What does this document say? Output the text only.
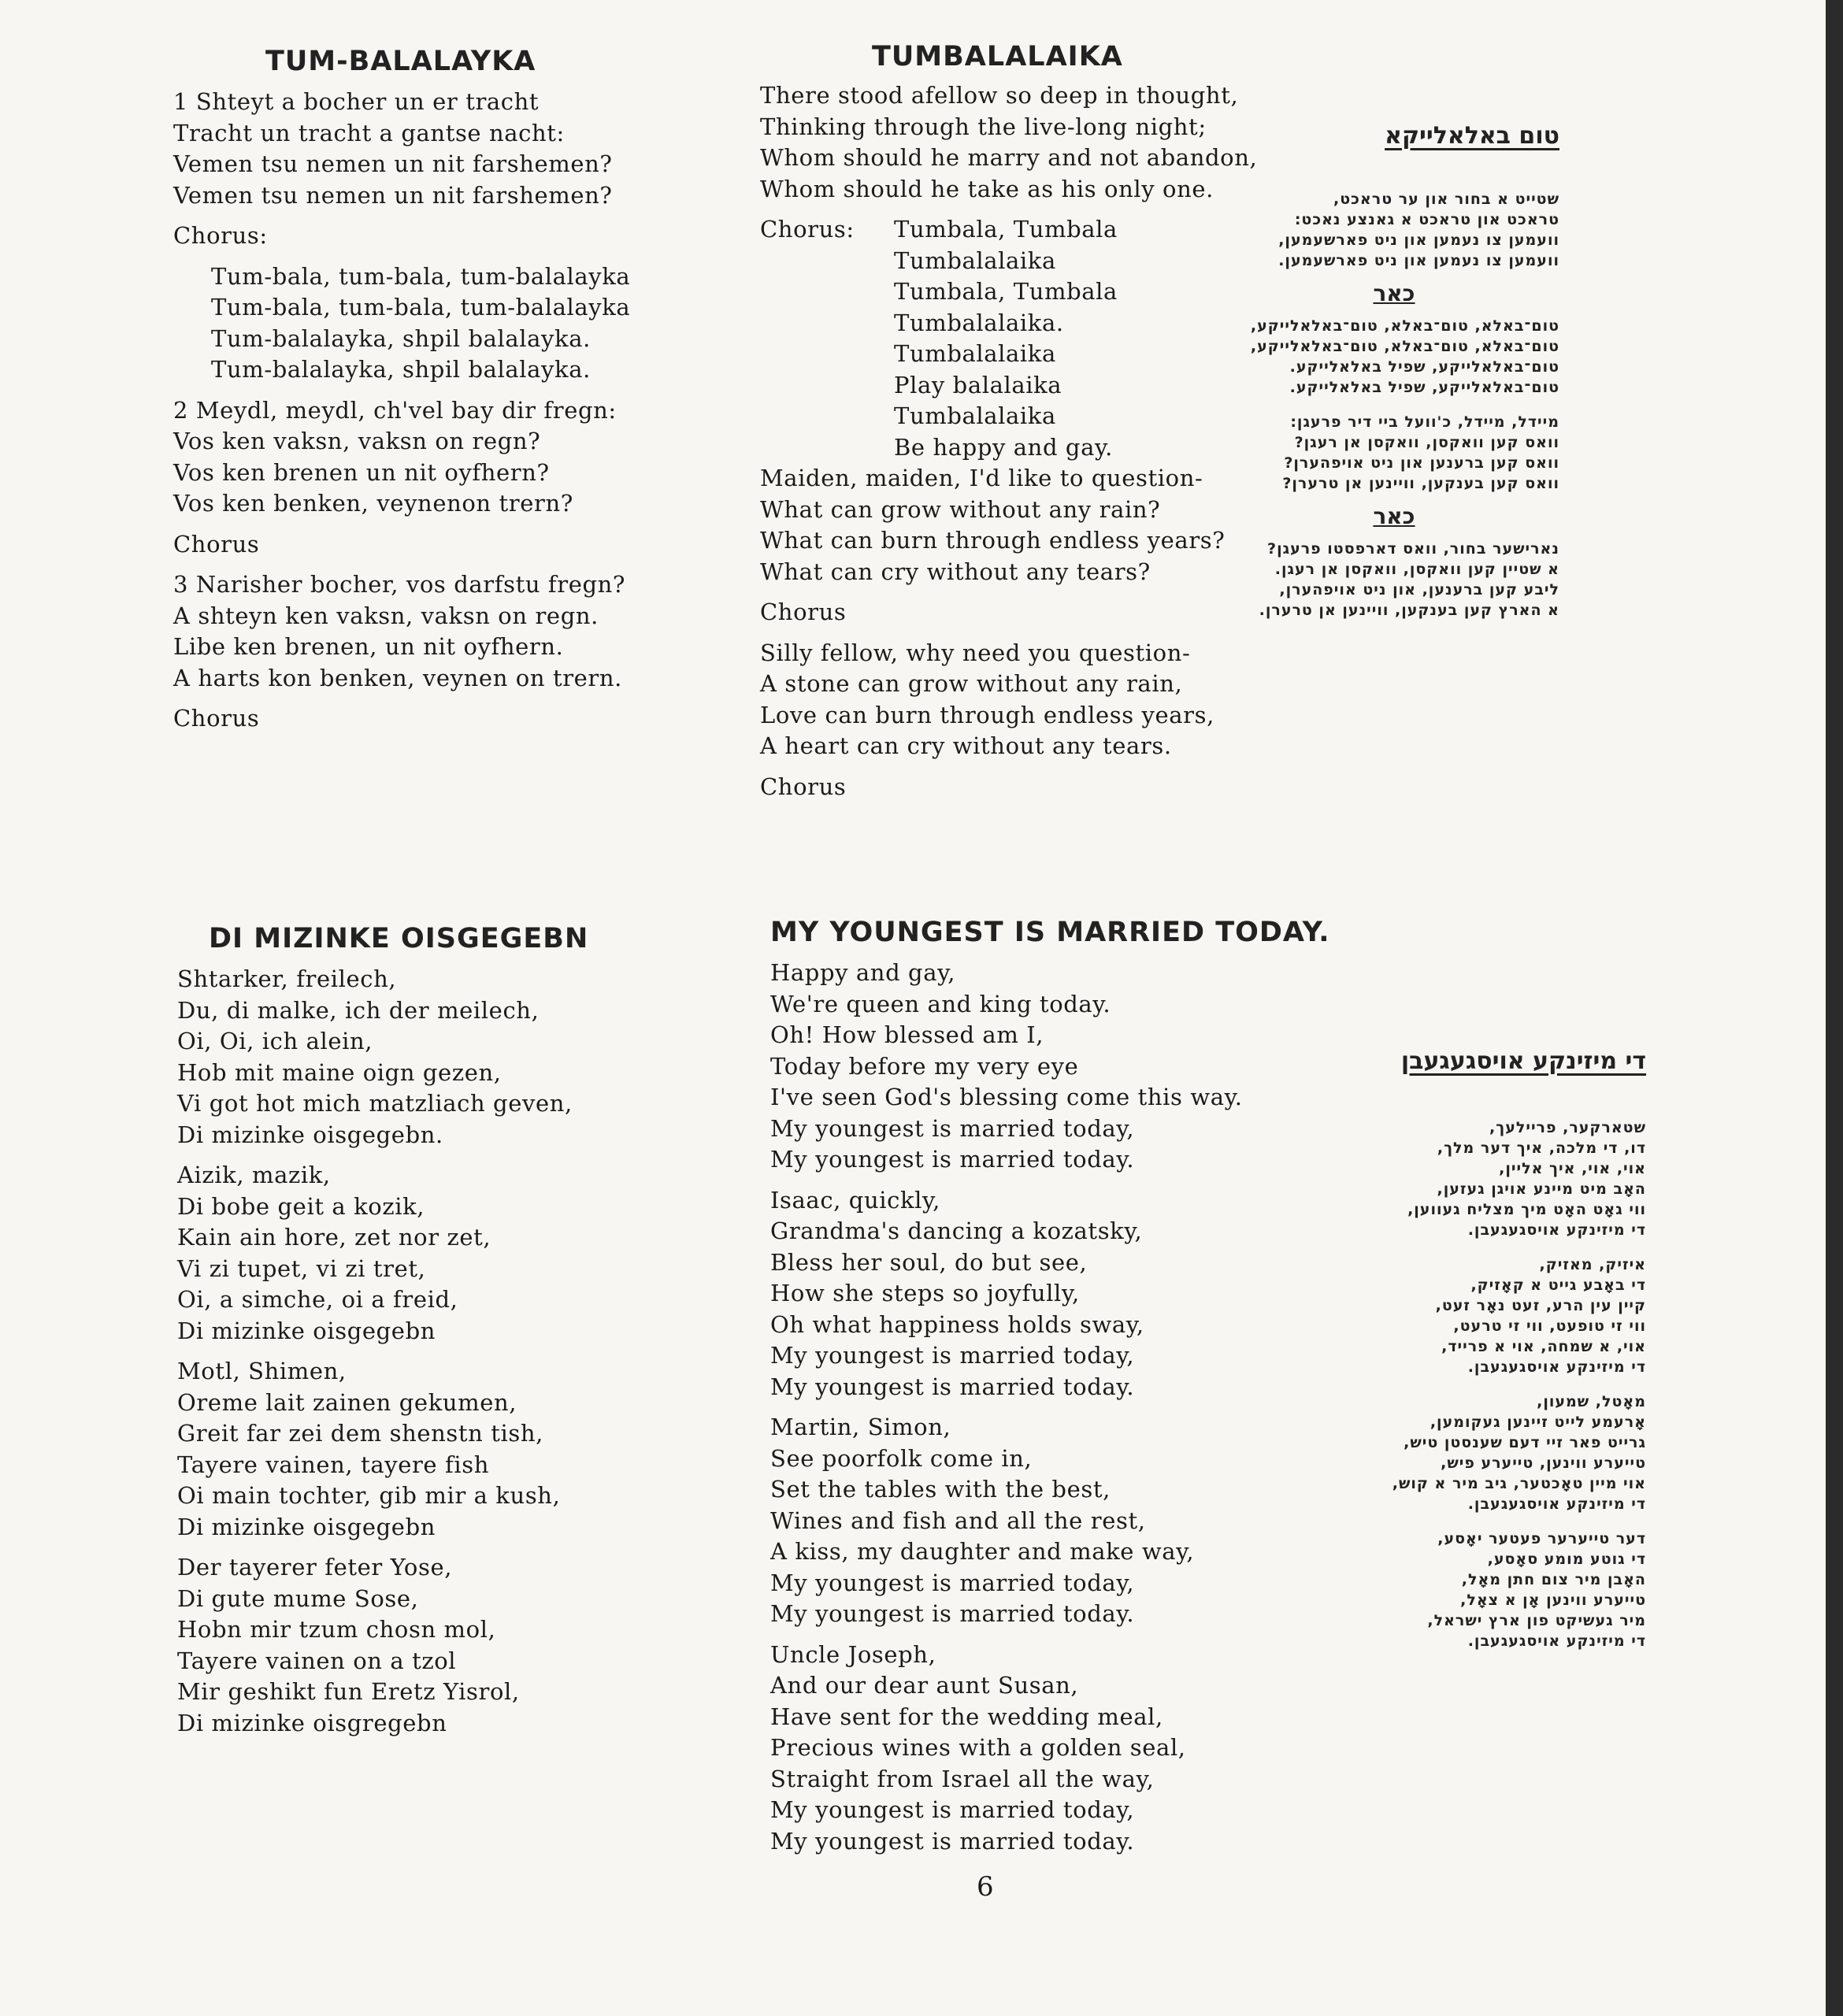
TUM-BALALAYKA
1 Shteyt a bocher un er tracht
Tracht un tracht a gantse nacht:
Vemen tsu nemen un nit farshemen?
Vemen tsu nemen un nit farshemen?
Chorus:
Tum-bala, tum-bala, tum-balalayka
Tum-bala, tum-bala, tum-balalayka
Tum-balalayka, shpil balalayka.
Tum-balalayka, shpil balalayka.
2 Meydl, meydl, ch'vel bay dir fregn:
Vos ken vaksn, vaksn on regn?
Vos ken brenen un nit oyfhern?
Vos ken benken, veynenon trern?
Chorus
3 Narisher bocher, vos darfstu fregn?
A shteyn ken vaksn, vaksn on regn.
Libe ken brenen, un nit oyfhern.
A harts kon benken, veynen on trern.
Chorus
TUMBALALAIKA
There stood afellow so deep in thought,
Thinking through the live-long night;
Whom should he marry and not abandon,
Whom should he take as his only one.
Chorus:	Tumbala, Tumbala
Tumbalalaika
Tumbala, Tumbala
Tumbalalaika.
Tumbalalaika
Play balalaika
Tumbalalaika
Be happy and gay.
Maiden, maiden, I'd like to question-
What can grow without any rain?
What can burn through endless years?
What can cry without any tears?
Chorus
Silly fellow, why need you question-
A stone can grow without any rain,
Love can burn through endless years,
A heart can cry without any tears.
Chorus
טום באלאלייקא
שטייט א בחור און ער טראכט,
טראכט און טראכט א גאנצע נאכט:
וועמען צו נעמען און ניט פארשעמען,
וועמען צו נעמען און ניט פארשעמען.
כאר
טום־באלא, טום־באלא, טום־באלאלייקע,
טום־באלא, טום־באלא, טום־באלאלייקע,
טום־באלאלייקע, שפיל באלאלייקע.
טום־באלאלייקע, שפיל באלאלייקע.
מיידל, מיידל, כ'וועל ביי דיר פרעגן:
וואס קען וואקסן, וואקסן אן רעגן?
וואס קען ברענען און ניט אויפהערן?
וואס קען בענקען, וויינען אן טרערן?
כאר
נארישער בחור, וואס דארפסטו פרעגן?
א שטיין קען וואקסן, וואקסן אן רעגן.
ליבע קען ברענען, און ניט אויפהערן,
א הארץ קען בענקען, וויינען אן טרערן.
DI MIZINKE OISGEGEBN
Shtarker, freilech,
Du, di malke, ich der meilech,
Oi, Oi, ich alein,
Hob mit maine oign gezen,
Vi got hot mich matzliach geven,
Di mizinke oisgegebn.
Aizik, mazik,
Di bobe geit a kozik,
Kain ain hore, zet nor zet,
Vi zi tupet, vi zi tret,
Oi, a simche, oi a freid,
Di mizinke oisgegebn
Motl, Shimen,
Oreme lait zainen gekumen,
Greit far zei dem shenstn tish,
Tayere vainen, tayere fish
Oi main tochter, gib mir a kush,
Di mizinke oisgegebn
Der tayerer feter Yose,
Di gute mume Sose,
Hobn mir tzum chosn mol,
Tayere vainen on a tzol
Mir geshikt fun Eretz Yisrol,
Di mizinke oisgregebn
MY YOUNGEST IS MARRIED TODAY.
Happy and gay,
We're queen and king today.
Oh! How blessed am I,
Today before my very eye
I've seen God's blessing come this way.
My youngest is married today,
My youngest is married today.
Isaac, quickly,
Grandma's dancing a kozatsky,
Bless her soul, do but see,
How she steps so joyfully,
Oh what happiness holds sway,
My youngest is married today,
My youngest is married today.
Martin, Simon,
See poorfolk come in,
Set the tables with the best,
Wines and fish and all the rest,
A kiss, my daughter and make way,
My youngest is married today,
My youngest is married today.
Uncle Joseph,
And our dear aunt Susan,
Have sent for the wedding meal,
Precious wines with a golden seal,
Straight from Israel all the way,
My youngest is married today,
My youngest is married today.
די מיזינקע אויסגעגעבן
שטארקער, פריילעך,
דו, די מלכה, איך דער מלך,
אוי, אוי, איך אליין,
האָב מיט מיינע אויגן געזען,
ווי גאָט האָט מיך מצליח געווען,
די מיזינקע אויסגעגעבן.
איזיק, מאזיק,
די באָבע גייט א קאָזיק,
קיין עין הרע, זעט נאָר זעט,
ווי זי טופעט, ווי זי טרעט,
אוי, א שמחה, אוי א פרייד,
די מיזינקע אויסגעגעבן.
מאָטל, שמעון,
אָרעמע לייט זיינען געקומען,
גרייט פאר זיי דעם שענסטן טיש,
טייערע ווינען, טייערע פיש,
אוי מיין טאָכטער, גיב מיר א קוש,
די מיזינקע אויסגעגעבן.
דער טייערער פעטער יאָסע,
די גוטע מומע סאָסע,
האָבן מיר צום חתן מאָל,
טייערע ווינען אָן א צאָל,
מיר געשיקט פון ארץ ישראל,
די מיזינקע אויסגעגעבן.
6
